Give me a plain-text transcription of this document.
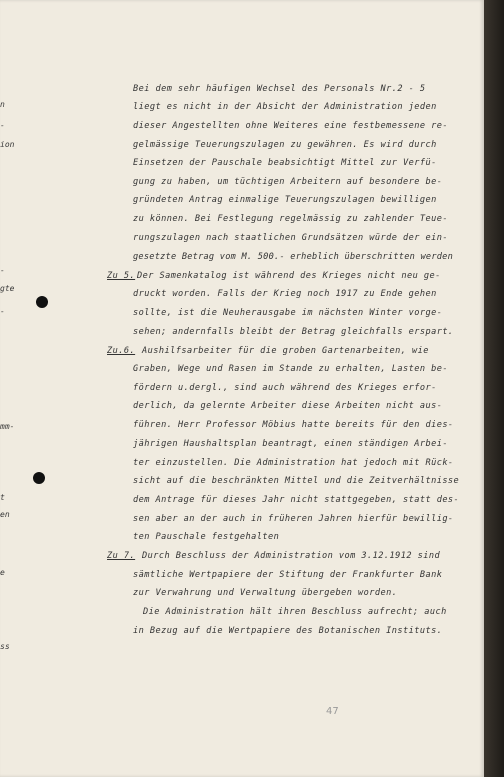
n
-
ion
-
gte
-
mm-
t
en
e
ss
Bei dem sehr häufigen Wechsel des Personals Nr.2 - 5
liegt es nicht in der Absicht der Administration jeden
dieser Angestellten ohne Weiteres eine festbemessene re-
gelmässige Teuerungszulagen zu gewähren. Es wird durch
Einsetzen der Pauschale beabsichtigt Mittel zur Verfü-
gung zu haben, um tüchtigen Arbeitern auf besondere be-
gründeten Antrag einmalige Teuerungszulagen bewilligen
zu können. Bei Festlegung regelmässig zu zahlender Teue-
rungszulagen nach staatlichen Grundsätzen würde der ein-
gesetzte Betrag vom M. 500.- erheblich überschritten werden
Zu 5. Der Samenkatalog ist während des Krieges nicht neu ge-
druckt worden. Falls der Krieg noch 1917 zu Ende gehen
sollte, ist die Neuherausgabe im nächsten Winter vorge-
sehen; andernfalls bleibt der Betrag gleichfalls erspart.
Zu.6. Aushilfsarbeiter für die groben Gartenarbeiten, wie
Graben, Wege und Rasen im Stande zu erhalten, Lasten be-
fördern u.dergl., sind auch während des Krieges erfor-
derlich, da gelernte Arbeiter diese Arbeiten nicht aus-
führen. Herr Professor Möbius hatte bereits für den dies-
jährigen Haushaltsplan beantragt, einen ständigen Arbei-
ter einzustellen. Die Administration hat jedoch mit Rück-
sicht auf die beschränkten Mittel und die Zeitverhältnisse
dem Antrage für dieses Jahr nicht stattgegeben, statt des-
sen aber an der auch in früheren Jahren hierfür bewillig-
ten Pauschale festgehalten
Zu 7. Durch Beschluss der Administration vom 3.12.1912 sind
sämtliche Wertpapiere der Stiftung der Frankfurter Bank
zur Verwahrung und Verwaltung übergeben worden.
Die Administration hält ihren Beschluss aufrecht; auch
in Bezug auf die Wertpapiere des Botanischen Instituts.
47
